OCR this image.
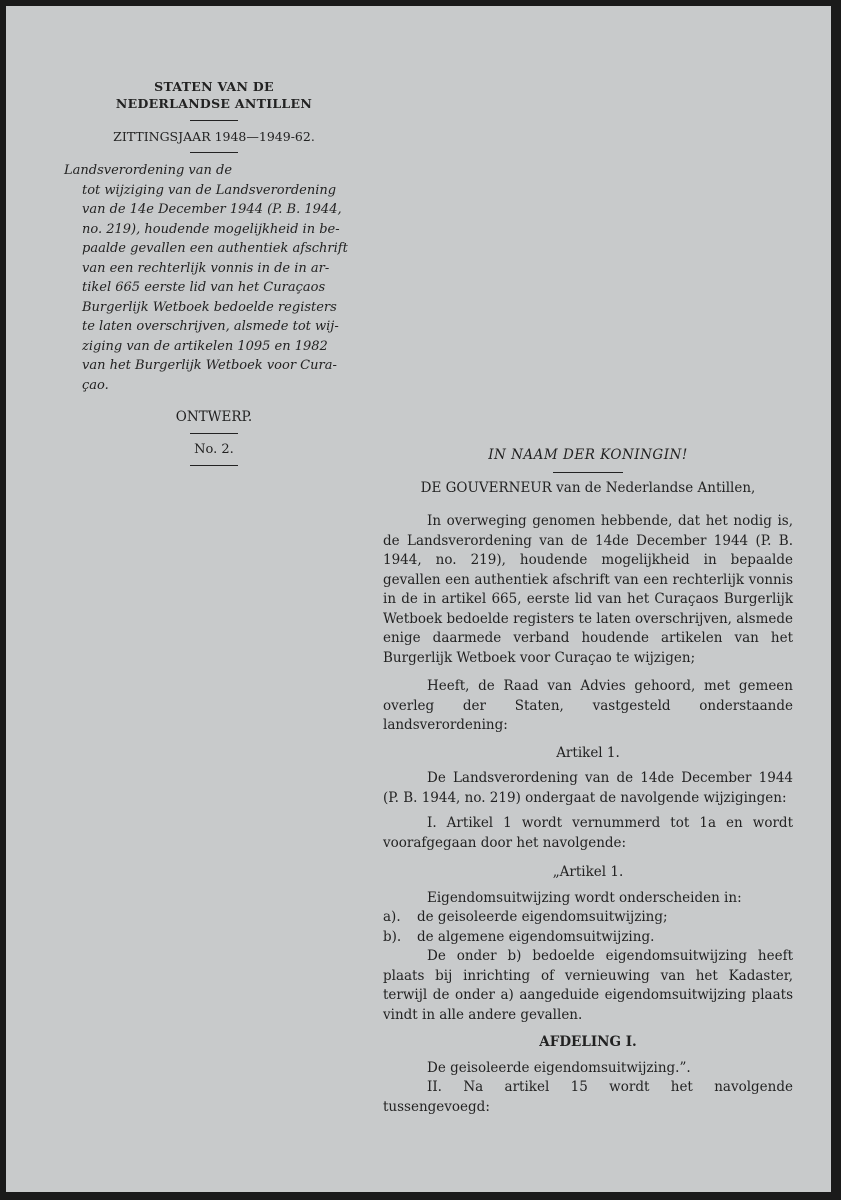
STATEN VAN DE
NEDERLANDSE ANTILLEN
ZITTINGSJAAR 1948—1949-62.
Landsverordening van de
tot wijziging van de Landsverordening
van de 14e December 1944 (P. B. 1944,
no. 219), houdende mogelijkheid in be-
paalde gevallen een authentiek afschrift
van een rechterlijk vonnis in de in ar-
tikel 665 eerste lid van het Curaçaos
Burgerlijk Wetboek bedoelde registers
te laten overschrijven, alsmede tot wij-
ziging van de artikelen 1095 en 1982
van het Burgerlijk Wetboek voor Cura-
çao.
ONTWERP.
No. 2.	IN NAAM DER KONINGIN!
DE GOUVERNEUR van de Nederlandse Antillen,

In overweging genomen hebbende, dat het nodig is, de Landsverordening van de 14de December 1944 (P. B. 1944, no. 219), houdende mogelijkheid in bepaalde gevallen een authentiek afschrift van een rechterlijk vonnis in de in artikel 665, eerste lid van het Curaçaos Burgerlijk Wetboek bedoelde registers te laten overschrijven, alsmede enige daarmede verband houdende artikelen van het Burgerlijk Wetboek voor Curaçao te wijzigen;

Heeft, de Raad van Advies gehoord, met gemeen overleg der Staten, vastgesteld onderstaande landsverordening:

Artikel 1.

De Landsverordening van de 14de December 1944 (P. B. 1944, no. 219) ondergaat de navolgende wijzigingen:

I. Artikel 1 wordt vernummerd tot 1a en wordt voorafgegaan door het navolgende:

„Artikel 1.

Eigendomsuitwijzing wordt onderscheiden in:

a).	de geisoleerde eigendomsuitwijzing;
b).	de algemene eigendomsuitwijzing.

De onder b) bedoelde eigendomsuitwijzing heeft plaats bij inrichting of vernieuwing van het Kadaster, terwijl de onder a) aangeduide eigendomsuitwijzing plaats vindt in alle andere gevallen.

AFDELING I.

De geisoleerde eigendomsuitwijzing.”.

II. Na artikel 15 wordt het navolgende tussengevoegd:
